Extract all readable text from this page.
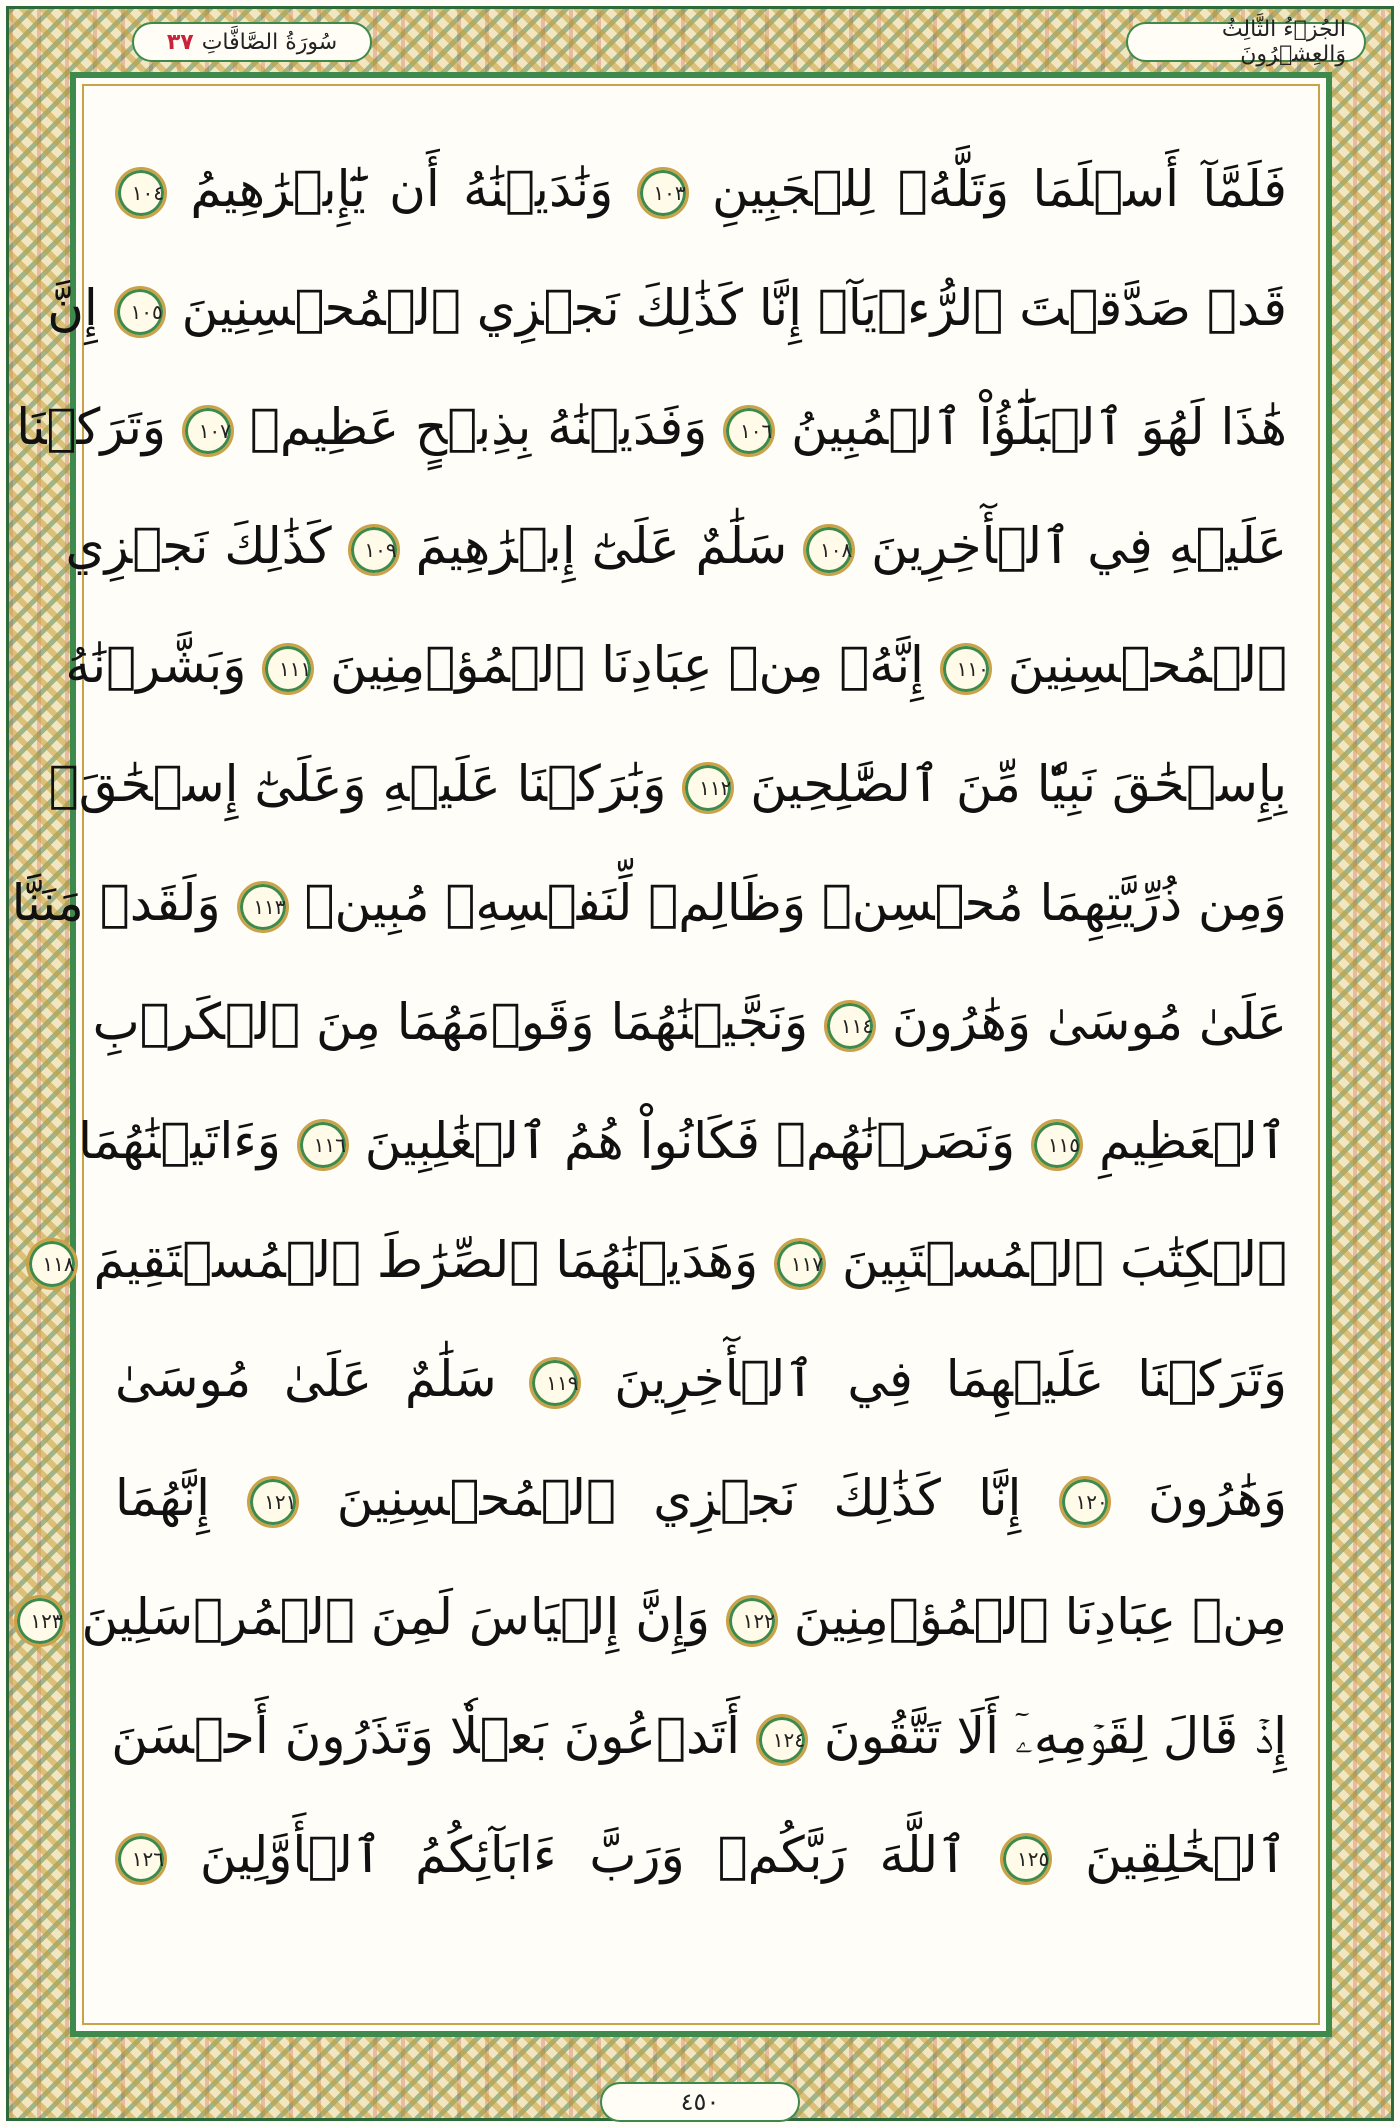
الجُزۡءُ الثَّالِثُ وَالعِشۡرُونَ
سُورَةُ الصَّافَّاتِ
٣٧
فَلَمَّآ أَسۡلَمَا وَتَلَّهُۥ لِلۡجَبِينِ ١٠٣ وَنَٰدَيۡنَٰهُ أَن يَٰٓإِبۡرَٰهِيمُ ١٠٤
قَدۡ صَدَّقۡتَ ٱلرُّءۡيَآۚ إِنَّا كَذَٰلِكَ نَجۡزِي ٱلۡمُحۡسِنِينَ ١٠٥ إِنَّ
هَٰذَا لَهُوَ ٱلۡبَلَٰٓؤُاْ ٱلۡمُبِينُ ١٠٦ وَفَدَيۡنَٰهُ بِذِبۡحٍ عَظِيمٖ ١٠٧ وَتَرَكۡنَا
عَلَيۡهِ فِي ٱلۡأٓخِرِينَ ١٠٨ سَلَٰمٌ عَلَىٰٓ إِبۡرَٰهِيمَ ١٠٩ كَذَٰلِكَ نَجۡزِي
ٱلۡمُحۡسِنِينَ ١١٠ إِنَّهُۥ مِنۡ عِبَادِنَا ٱلۡمُؤۡمِنِينَ ١١١ وَبَشَّرۡنَٰهُ
بِإِسۡحَٰقَ نَبِيّٗا مِّنَ ٱلصَّٰلِحِينَ ١١٢ وَبَٰرَكۡنَا عَلَيۡهِ وَعَلَىٰٓ إِسۡحَٰقَۚ
وَمِن ذُرِّيَّتِهِمَا مُحۡسِنٞ وَظَالِمٞ لِّنَفۡسِهِۦ مُبِينٞ ١١٣ وَلَقَدۡ مَنَنَّا
عَلَىٰ مُوسَىٰ وَهَٰرُونَ ١١٤ وَنَجَّيۡنَٰهُمَا وَقَوۡمَهُمَا مِنَ ٱلۡكَرۡبِ
ٱلۡعَظِيمِ ١١٥ وَنَصَرۡنَٰهُمۡ فَكَانُواْ هُمُ ٱلۡغَٰلِبِينَ ١١٦ وَءَاتَيۡنَٰهُمَا
ٱلۡكِتَٰبَ ٱلۡمُسۡتَبِينَ ١١٧ وَهَدَيۡنَٰهُمَا ٱلصِّرَٰطَ ٱلۡمُسۡتَقِيمَ ١١٨
وَتَرَكۡنَا عَلَيۡهِمَا فِي ٱلۡأٓخِرِينَ ١١٩ سَلَٰمٌ عَلَىٰ مُوسَىٰ
وَهَٰرُونَ ١٢٠ إِنَّا كَذَٰلِكَ نَجۡزِي ٱلۡمُحۡسِنِينَ ١٢١ إِنَّهُمَا
مِنۡ عِبَادِنَا ٱلۡمُؤۡمِنِينَ ١٢٢ وَإِنَّ إِلۡيَاسَ لَمِنَ ٱلۡمُرۡسَلِينَ ١٢٣
إِذۡ قَالَ لِقَوۡمِهِۦٓ أَلَا تَتَّقُونَ ١٢٤ أَتَدۡعُونَ بَعۡلٗا وَتَذَرُونَ أَحۡسَنَ
ٱلۡخَٰلِقِينَ ١٢٥ ٱللَّهَ رَبَّكُمۡ وَرَبَّ ءَابَآئِكُمُ ٱلۡأَوَّلِينَ ١٢٦
٤٥٠
